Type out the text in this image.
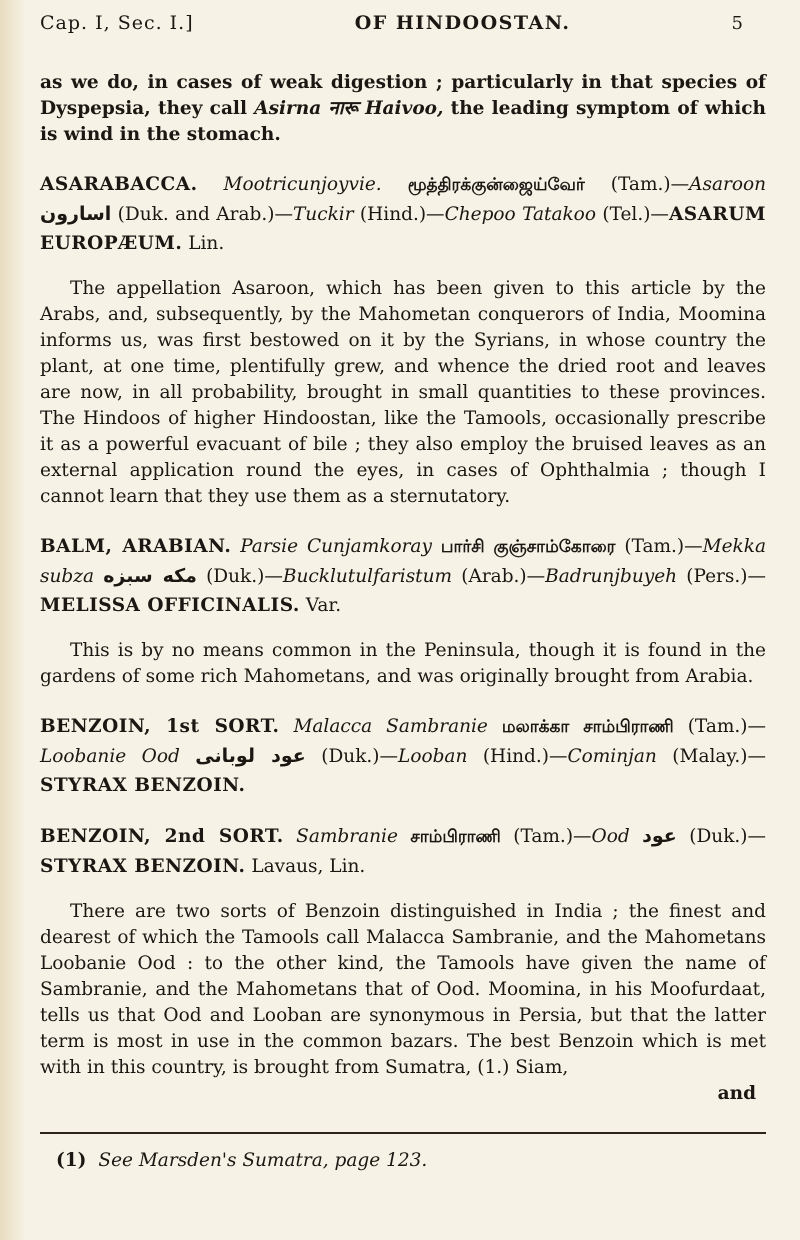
Cap. I, Sec. I.]	OF HINDOOSTAN.	5

as we do, in cases of weak digestion ; particularly in that species of Dyspepsia, they call Asirna नारू Haivoo, the leading symptom of which is wind in the stomach.

ASARABACCA. Mootricunjoyvie. மூத்திரக்குன்ஜைய்வேர் (Tam.)—Asaroon اسارون (Duk. and Arab.)—Tuckir (Hind.)—Chepoo Tatakoo (Tel.)—ASARUM EUROPÆUM. Lin.

The appellation Asaroon, which has been given to this article by the Arabs, and, subsequently, by the Mahometan conquerors of India, Moomina informs us, was first bestowed on it by the Syrians, in whose country the plant, at one time, plentifully grew, and whence the dried root and leaves are now, in all probability, brought in small quantities to these provinces. The Hindoos of higher Hindoostan, like the Tamools, occasionally prescribe it as a powerful evacuant of bile ; they also employ the bruised leaves as an external application round the eyes, in cases of Ophthalmia ; though I cannot learn that they use them as a sternutatory.

BALM, ARABIAN. Parsie Cunjamkoray பார்சி குஞ்சாம்கோரை (Tam.)—Mekka subza مکه سبزه (Duk.)—Bucklutulfaristum (Arab.)—Badrunjbuyeh (Pers.)—MELISSA OFFICINALIS. Var.

This is by no means common in the Peninsula, though it is found in the gardens of some rich Mahometans, and was originally brought from Arabia.

BENZOIN, 1st SORT. Malacca Sambranie மலாக்கா சாம்பிராணி (Tam.)—Loobanie Ood عود لوبانی (Duk.)—Looban (Hind.)—Cominjan (Malay.)—STYRAX BENZOIN.

BENZOIN, 2nd SORT. Sambranie சாம்பிராணி (Tam.)—Ood عود (Duk.)—STYRAX BENZOIN. Lavaus, Lin.

There are two sorts of Benzoin distinguished in India ; the finest and dearest of which the Tamools call Malacca Sambranie, and the Mahometans Loobanie Ood : to the other kind, the Tamools have given the name of Sambranie, and the Mahometans that of Ood. Moomina, in his Moofurdaat, tells us that Ood and Looban are synonymous in Persia, but that the latter term is most in use in the common bazars. The best Benzoin which is met with in this country, is brought from Sumatra, (1.) Siam,
and

(1) See Marsden's Sumatra, page 123.
